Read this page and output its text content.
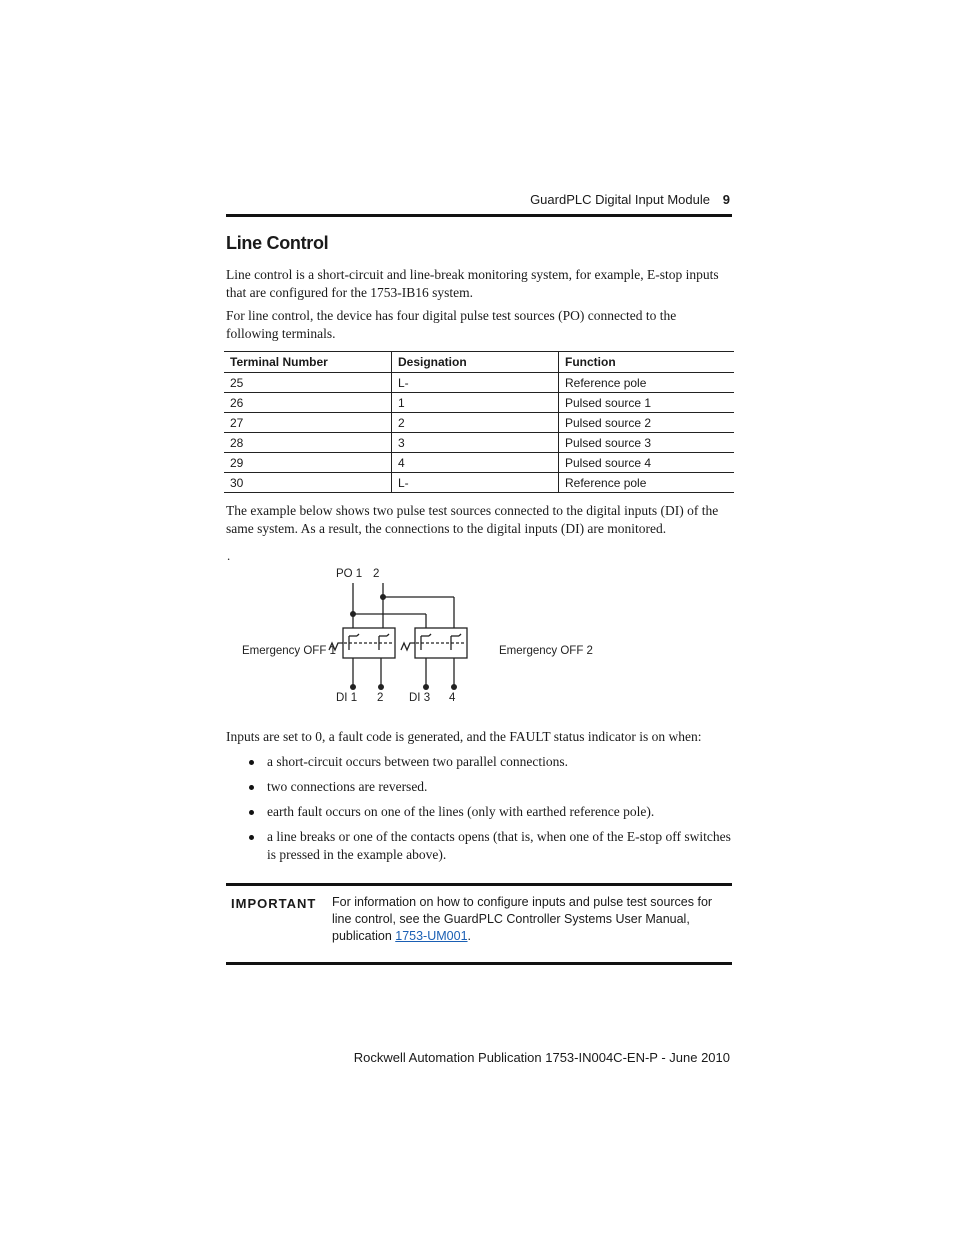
GuardPLC Digital Input Module 9
Line Control

Line control is a short-circuit and line-break monitoring system, for example, E-stop inputs that are configured for the 1753-IB16 system.

For line control, the device has four digital pulse test sources (PO) connected to the following terminals.

Terminal Number	Designation	Function
25	L-	Reference pole
26	1	Pulsed source 1
27	2	Pulsed source 2
28	3	Pulsed source 3
29	4	Pulsed source 4
30	L-	Reference pole

The example below shows two pulse test sources connected to the digital inputs (DI) of the same system. As a result, the connections to the digital inputs (DI) are monitored.

.
PO 1 2
Emergency OFF 1	Emergency OFF 2
DI 1 2 DI 3 4

Inputs are set to 0, a fault code is generated, and the FAULT status indicator is on when:

a short-circuit occurs between two parallel connections.
two connections are reversed.
earth fault occurs on one of the lines (only with earthed reference pole).
a line breaks or one of the contacts opens (that is, when one of the E-stop off switches is pressed in the example above).
IMPORTANT For information on how to configure inputs and pulse test sources for line control, see the GuardPLC Controller Systems User Manual, publication 1753-UM001.
Rockwell Automation Publication 1753-IN004C-EN-P - June 2010
